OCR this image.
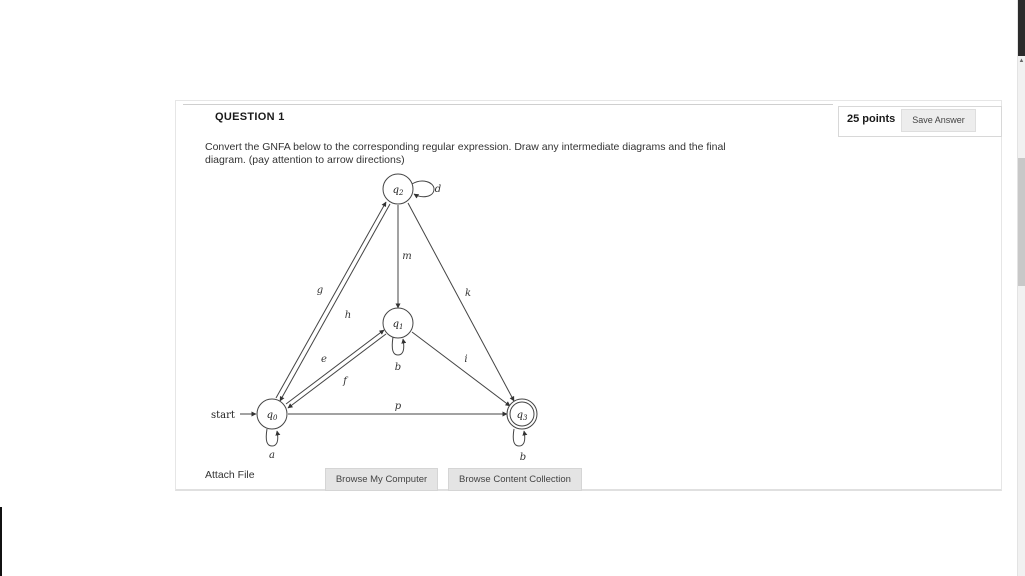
▲
QUESTION 1	25 points	Save Answer
Convert the GNFA below to the corresponding regular expression. Draw any intermediate diagrams and the final diagram. (pay attention to arrow directions)
$q_2$
$q_1$
$q_0$	$q_3$
start
d
b
a	b
g
h
e
f
m
k
i
p
Attach File	Browse My Computer	Browse Content Collection
